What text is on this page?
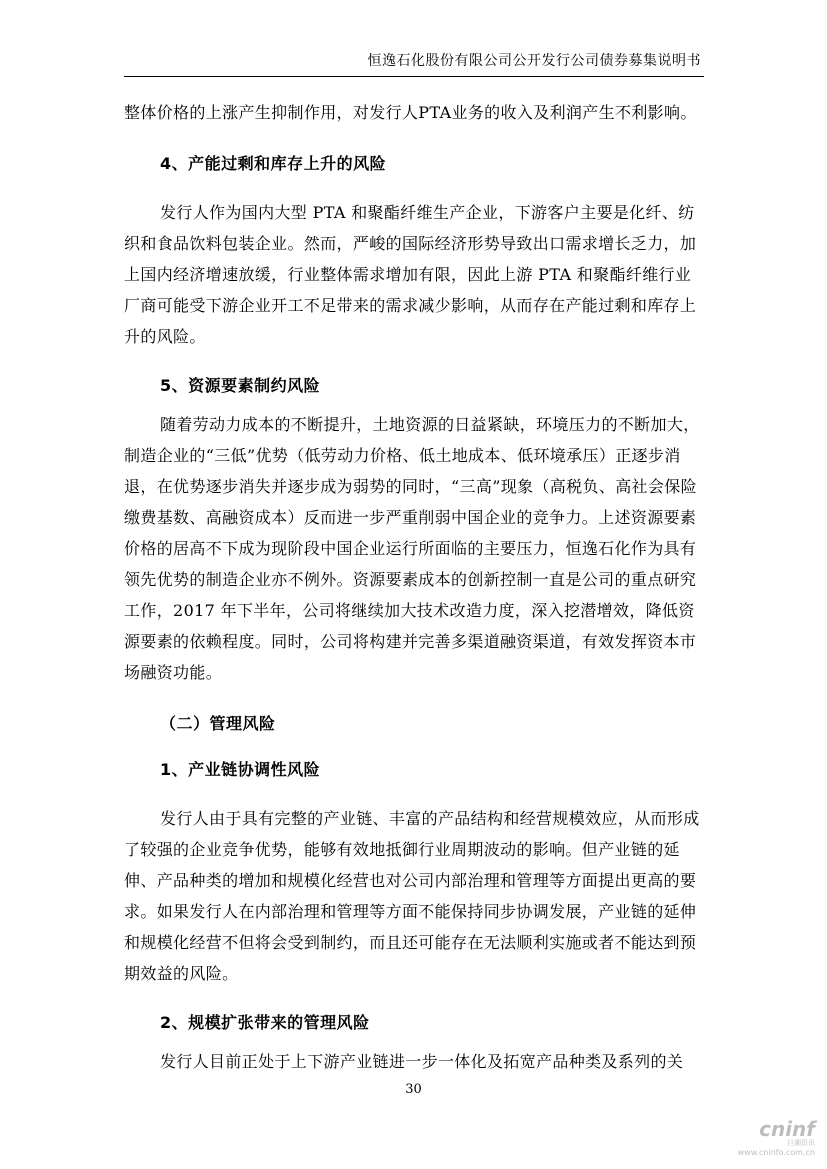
恒逸石化股份有限公司公开发行公司债券募集说明书

整体价格的上涨产生抑制作用，对发行人PTA业务的收入及利润产生不利影响。

4、产能过剩和库存上升的风险

发行人作为国内大型 PTA 和聚酯纤维生产企业，下游客户主要是化纤、纺织和食品饮料包装企业。然而，严峻的国际经济形势导致出口需求增长乏力，加上国内经济增速放缓，行业整体需求增加有限，因此上游 PTA 和聚酯纤维行业厂商可能受下游企业开工不足带来的需求减少影响，从而存在产能过剩和库存上升的风险。

5、资源要素制约风险

随着劳动力成本的不断提升，土地资源的日益紧缺，环境压力的不断加大，制造企业的“三低”优势（低劳动力价格、低土地成本、低环境承压）正逐步消退，在优势逐步消失并逐步成为弱势的同时，“三高”现象（高税负、高社会保险缴费基数、高融资成本）反而进一步严重削弱中国企业的竞争力。上述资源要素价格的居高不下成为现阶段中国企业运行所面临的主要压力，恒逸石化作为具有领先优势的制造企业亦不例外。资源要素成本的创新控制一直是公司的重点研究工作，2017 年下半年，公司将继续加大技术改造力度，深入挖潜增效，降低资源要素的依赖程度。同时，公司将构建并完善多渠道融资渠道，有效发挥资本市场融资功能。

（二）管理风险
1、产业链协调性风险

发行人由于具有完整的产业链、丰富的产品结构和经营规模效应，从而形成了较强的企业竞争优势，能够有效地抵御行业周期波动的影响。但产业链的延伸、产品种类的增加和规模化经营也对公司内部治理和管理等方面提出更高的要求。如果发行人在内部治理和管理等方面不能保持同步协调发展，产业链的延伸和规模化经营不但将会受到制约，而且还可能存在无法顺利实施或者不能达到预期效益的风险。

2、规模扩张带来的管理风险

发行人目前正处于上下游产业链进一步一体化及拓宽产品种类及系列的关

30
cninf
巨潮资讯
www.cninfo.com.cn
